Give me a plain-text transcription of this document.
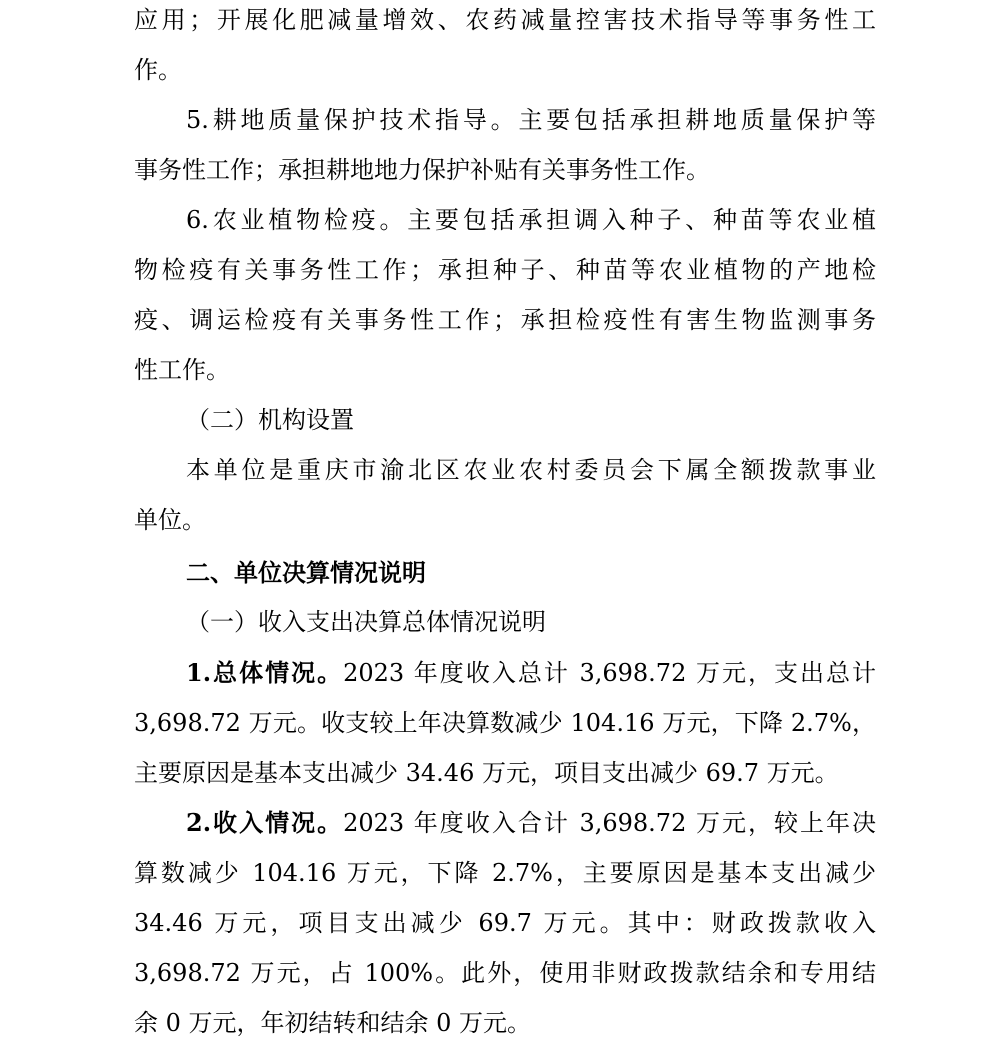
应用；开展化肥减量增效、农药减量控害技术指导等事务性工
作。
5.耕地质量保护技术指导。主要包括承担耕地质量保护等
事务性工作；承担耕地地力保护补贴有关事务性工作。
6.农业植物检疫。主要包括承担调入种子、种苗等农业植
物检疫有关事务性工作；承担种子、种苗等农业植物的产地检
疫、调运检疫有关事务性工作；承担检疫性有害生物监测事务
性工作。
（二）机构设置
本单位是重庆市渝北区农业农村委员会下属全额拨款事业
单位。
二、单位决算情况说明
（一）收入支出决算总体情况说明
1.总体情况。2023 年度收入总计 3,698.72 万元，支出总计
3,698.72 万元。收支较上年决算数减少 104.16 万元，下降 2.7%，
主要原因是基本支出减少 34.46 万元，项目支出减少 69.7 万元。
2.收入情况。2023 年度收入合计 3,698.72 万元，较上年决
算数减少 104.16 万元，下降 2.7%，主要原因是基本支出减少
34.46 万元，项目支出减少 69.7 万元。其中：财政拨款收入
3,698.72 万元，占 100%。此外，使用非财政拨款结余和专用结
余 0 万元，年初结转和结余 0 万元。
